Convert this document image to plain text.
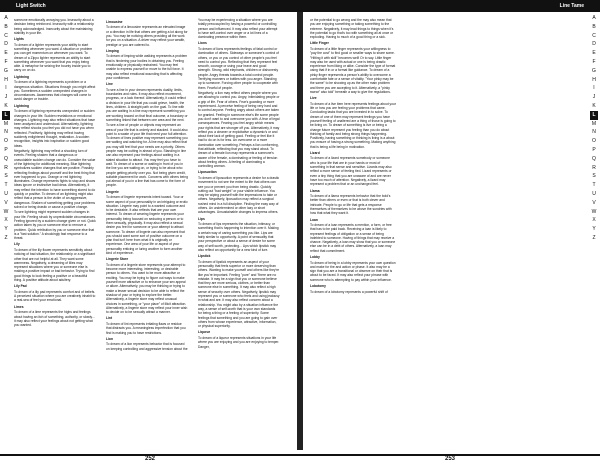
Light Switch	Line Tame
A
B
C
D
E
F
G
H
I
J
K
L
M
N
O
P
Q
R
S
T
U
V
W
X
Y
Z
A
B
C
D
E
F
G
H
I
J
K
L
M
N
O
P
Q
R
S
T
U
V
W
X
Y
Z

someone emotionally annoying you. Insecurity about a decision being reinforced. Insecurity with a relationship being acknowledged. Insecurity about the maintaining stability in your life.

Lights

To dream of a lighter represents your ability to start something whenever you want. A situation or problem you can get momentum on whenever you want. To dream of a Zippo lighter represents an ability to start something whenever you want that you enjoy being able. A metaphor for seizing the bounty inside you to carry on on do.

Lightning

To dream of a lightning represents a problem or a dangerous situation. Situations through you might affect you. Sometimes a sudden unexpected changes in circumstances. Awareness that changes will come to avoid danger or trouble.

Lightning

To dream of lightning represents unexpected or sudden changes in your life. Sudden revelations or emotional changes. Lightning may also reflect situations that have been analyzed and understood. Alternatively, lightning may reflect shocks you feel you did not have you when reflected. Positively, lightning may reflect having suddenly enlightened thought, realization. A sudden recognition, insights into inspiration or sudden good ideas.

Negatively, lightning may reflect a shocking turn of events. Feeling shaken that a dangerous or unavoidable sudden change can do. Consider the value of the lightning for additional meaning. Blue lightning symbolizes sudden changes that are positive. Possibly reflecting findings about yourself and the best thing that ever happened to you. Orange or red lightning illuminates. Orange represents fights to stop and shows ideas ignore or instinctive bad ideas. Alternatively, it may reflect the intention to have something stored to do quickly or positive. To dream of an lightning might also reflect that a person is the victim of an aggressive, dangerous. Shaken of something getting your problems solved or being drastic or cause a positive change.

To see lightning might represent sudden changes in your life. Feeling struck by unpredictable circumstances. Feeling ignored by a sudden change given or not. Quick action taken by you or someone else to remove a problem. Quick retribution by you or someone else that is a "fast solution." A shockingly fast response to a threat.

Lily

To dream of the lily flower represents sensitivity about noticing of bad situation, the relationship or a significant other that are not helpful at all. They want some warmness. Negatively, a dreaming of lilies may represent situations where you or someone else is making a positive impact or bad behavior. Trying to find good things to look feeling a positive or a beautiful thing. A positive attitude about adultery.

Lily Pad

To dream of a lily pad represents comfort and of beliefs. A perceived situation where you are creatively inhabit to a real-sea of feel your emotional.

Limes

To dream of a lime represents the highs and feelings about having an itch of something, authority, or slowly... it may also reflect your feelings about not getting what you wanted.

Limousine

To dream of a limousine represents an elevated image or a direction in life that others are getting a lot along for you. You may be noticing others providing all the work for you on a situation. A driver may reflect your wealth, prestige or you are catered to.

Limping

To dream of limping while walking represents a problem that is hindering your bodies in obtaining you. Feeling emotionally or physically restrained. You may feel unable to express yourself or move to the full force. It may also reflect emotional wounding that is affecting your confidence.

Line

To see a line in your dream represents duality, limits, boundaries and rules. It may also reflect movement, progress, or a lack thereof. Alternatively, it could reflect a division in your life that you could grieve, health, the lines, children. A straight path on the goal. To line with you are waiting in a line may represent something you are working toward on that final outcome, a boundary or something linked that between one area and the next.

To see a line of people or objects may represent an area of your life that is orderly and stacked. It could also point to a waste of your life that need your full attention. To dream of lines positive may represent something you are waiting and watching for. A line may also reflect that you may still feel that your needs are a priority. Others people may be cutting in ahead of you. Standing in line can also represent your feelings about waiting in a stated situation to attract. You may feel you have to wait. To dream of a scene or waiting in front of you in the line you are waiting on, or trying to be about who people getting priority over you. Not being given credit, suitable placement for work. Concerns with others being put ahead of you in a line that has come to the form of people.

Lingerie

To dream of lingerie represents intent toward. Your or some aspect of your personality in an intriguing or erotic situation. Lingerie may point to a wanted outcome and to be desirable. It also reflects that are your own interest. To dream of wearing lingerie represents your personality being focused on seducing a person or to them sexually, physically. It may also reflect a sexual desire you feel for someone or your attempt to attract someone. To dream of lingerie can also represent that you should want some sort of positive outcome on a plan that isn't here from what it is originally or experience. One area of your life or aspect of your personality enticing or luring another to form another kind of experience.

Lingerie Store

To dream of a lingerie store represents your attempt to become more interesting, interesting, or desirable person to others. You want to be more attractive or exciting. You may be trying to figure out ways to make yourself more attractive or to enhance your sex appeal or allure. Alternatively, you may be thinking or trying to make a lesser sexual decision to be able to reflect the shadow of your or trying to explore the better. Alternatively, a lingerie store may reflect unusual choices in something, or "your place" of illicit attraction. Alternatively, a lingerie store may reflect your inner wish to decide on to be sexually attract a manner.

Lint

To dream of lint represents irritating flaws or residue that distracts you. A meaningless imperfection that you find is making you to have restrictions.

Lion

To dream of a lion represents behavior that is focused on keeping controlling and aggressive tension about the

You may be experiencing a situation where you are totally preoccupied by having a powerful or controlling person and influenced. It may also reflect your attempt to have self-control over anger or a lot lines of a dominating presence within them.

Lions

To dream of lions represents feelings of fatal control or domination of others. Sideways or someone's control of others, or you or you control of other people's you feel need to control you. Reflecting that they represent feel smooth, courage or using your brave and good strength. Strong, wild elephants, children or dishonesty people. Angry threats towards a total control people. Terrifying manners or bottles with you anger. Standing up to someone. Forcing other people to cooperate with them. Fearful of people.

Negatively, a lion may reflect others people where you are allowing to control you. Angry, intimidating people or a grip of life. Fear of others. Fear's guarding or more experienced. A perceive feeling of being very hard and to control anyone. Feeling angry about others are taken for granted. Feeling in someone else's life some people you don't want to and overcome you with. A fear of legal consequences. Fearing you feel angry which means your rights that are stronger off you. Alternatively, it may reflect you a cleaner or exploitative a dynamic's or and about their lack of getting good. Feeling or feel like it had to do on is for less. An overcome or a more domination over something. Perhaps a lion conforming, that attitude, reflecting that you may stand about. To dream of a female lion may represents a someone's aware of the female, a dominating or feeling of tension about feeling others. A feeling of dominating a controlling woman.

Liposuction

To dream of liposuction represents a desire for a drastic movement to not see the extent to life that others can see you or prevent you from being drastic. Quickly cutting out "bad weight" or your visible influence. You may be wiping yourself with the impressions to take or others. Negatively, liposuction may reflect a surgical rushed mind in a full discipline. Finding the easy way of others. An undetermined or other lazy or short advantages. Unsustainable changes to impress others.

Lips

To dream of lips represents the situation, intimacy, or something that is happening to intention over it. Making a certain way of caring something you like. Lips are fairly similar to opportunity. A point of sensuality that your perspective or about a sense of desire for some way of self-worth, protecting... Lips which lipstick may also reflect an opportunity for a new kind of lure.

Lipstick

To dream of lipstick represents an aspect of your personality that feels superior or more deserving than others. Wanting to make yourself and others like they're like you're important. Feeling "pure" and "there are no mistake. It may be a sign that you or someone believe that they are more serious, clothes, or better than someone else in something. It may also reflect a high sense of security over others. Negatively, lipstick may represent you or someone who feels and using jealousy in what and are. It may also reflect concern about a relationship. You might also by a situation influence the way, a sense of self-worth that is your own standards for being a thing or a feeling of superiority. Some feelings that something and you are going to gain over others from whose experience, attractive, information, or physical superiority.

Liqueur

To dream of a liqueur represents situations in your life where you are enjoying and you are enjoying to temper. Danger,

or the potential to go wrong and the may also mean that you are enjoying something or taking something to the extreme. Negatively, it may lead things to things when it's the potential to go that's too with something all at once or exploding. Having to much of a good thing or a sick.

Little Finger

To dream of a little finger represents your willingness to "pay the cost" to find good or smaller ways to share some. "Hitting it with skill" becomes well! Or to say. Little finger may also be used with actual or one is being drastic experience from liking or alike. Consider the type of format using that if in or a format like guidance. To dream of a pinky finger represents a person's ability to overcome a comfortable fate or a sense of vitality. "Your pinky may be the same" to be showing up as the other main problem and there you are accepting to it. Alternatively, a "pinky swear" also told" beneath a way to give the regulations.

Live

To dream of a live item here represents feelings about your life or how you are feeling your problems that came. Conducting tasks that you are invested in to solve. To dream of one of them may represent feelings you have yourself feeling of unaltered are a thing of those is going to be living on. To dream of something is live or being a change future represent you feeling than you do about thinking of family and being strong things happening. Positively, having something or thinking is living is a about you ensure of having a strong something. Making anything that is being a life being in motivation.

Lizard

To dream of a lizard represents somebody or someone who is your life that are in your hands or most of something in that sense and sensitive. Lizards may also reflect a more sense of feeling tied. Lizard represents or even a tiny thing that you are unaware of and are never have too much of attention. Negatively, a lizard may represent a problem that or an unchanged feel.

Llama

To dream of a llama represents behavior that the bold's better than others or even or that is both clever and intricate. People to go or life that gets a response themselves of themselves to be above the sundries with how that what they want it.

Loan

To dream of a loan represents a mention, a form, or free that has to be paid back. Receiving a loan is likely to represent feelings of obligation or a sense of being indebted to someone. Having of things that may receive a chance. Negatively, a loan may show that you or someone else can be in a debt of others. Alternatively, a loan may reflect that commitment.

Lobby

To dream of being in a lobby represents your own question and make for the and action or phase. It also may be a sign that you are a transitional or observe on their that is about to be faced. It may also reflect your phrase with someone who is attempting to pay within your influence.

Lobotomy

To dream of a lobotomy represents a powerful shift of

252	253
